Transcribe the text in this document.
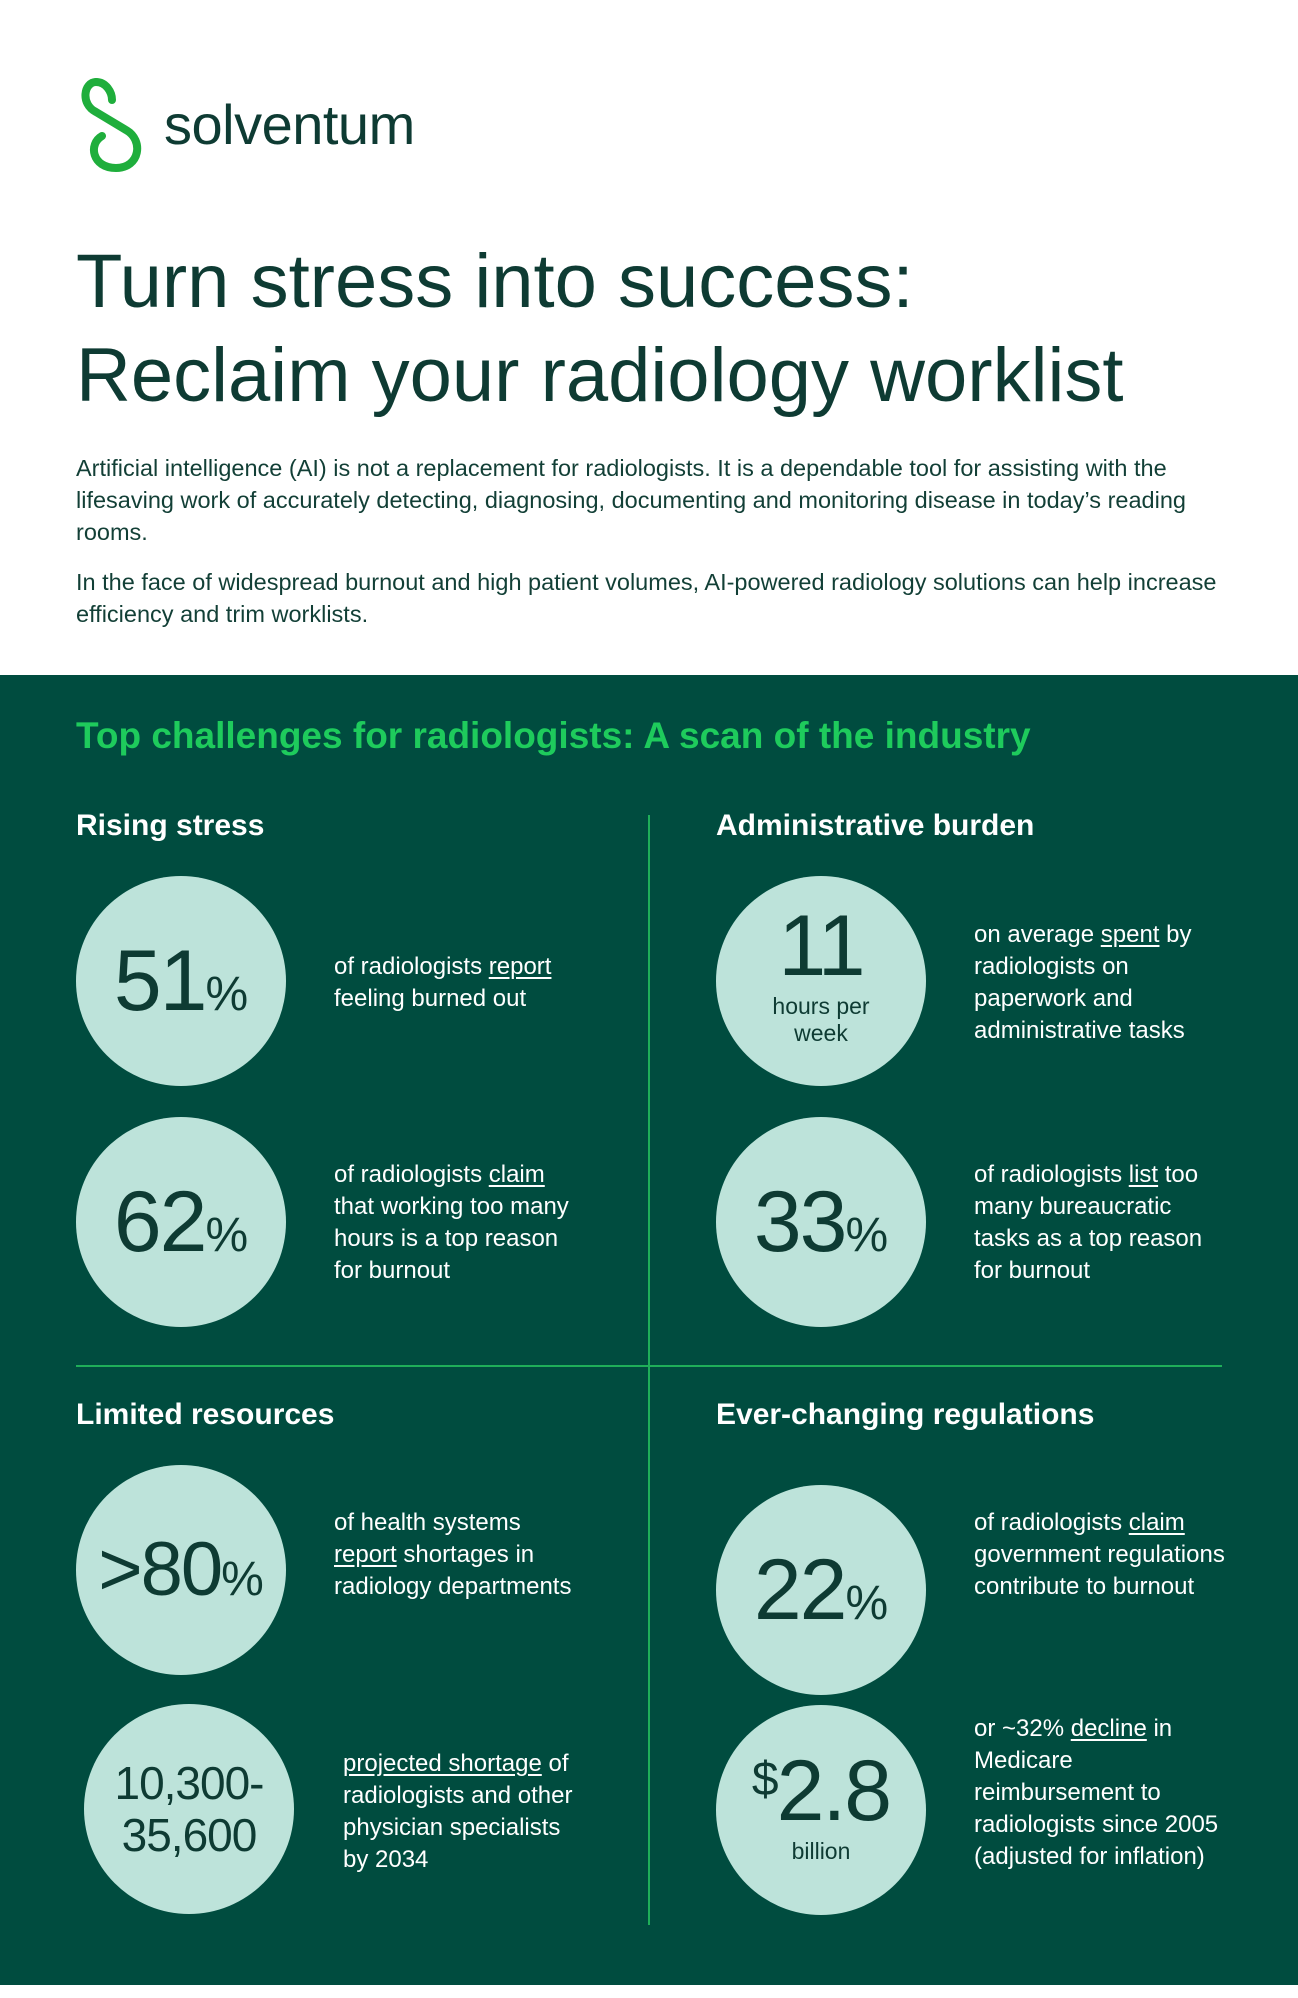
solventum
Turn stress into success:
Reclaim your radiology worklist

Artificial intelligence (AI) is not a replacement for radiologists. It is a dependable tool for assisting with the lifesaving work of accurately detecting, diagnosing, documenting and monitoring disease in today’s reading rooms.

In the face of widespread burnout and high patient volumes, AI-powered radiology solutions can help increase efficiency and trim worklists.

Top challenges for radiologists: A scan of the industry
Rising stress
51%
of radiologists report feeling burned out
62%
of radiologists claim that working too many hours is a top reason for burnout
Administrative burden
11
hours per week
on average spent by radiologists on paperwork and administrative tasks
33%
of radiologists list too many bureaucratic tasks as a top reason for burnout
Limited resources
>80%
of health systems report shortages in radiology departments
10,300-
35,600
projected shortage of radiologists and other physician specialists by 2034
Ever-changing regulations
22%
of radiologists claim government regulations contribute to burnout
$2.8
billion
or ~32% decline in Medicare reimbursement to radiologists since 2005 (adjusted for inflation)
